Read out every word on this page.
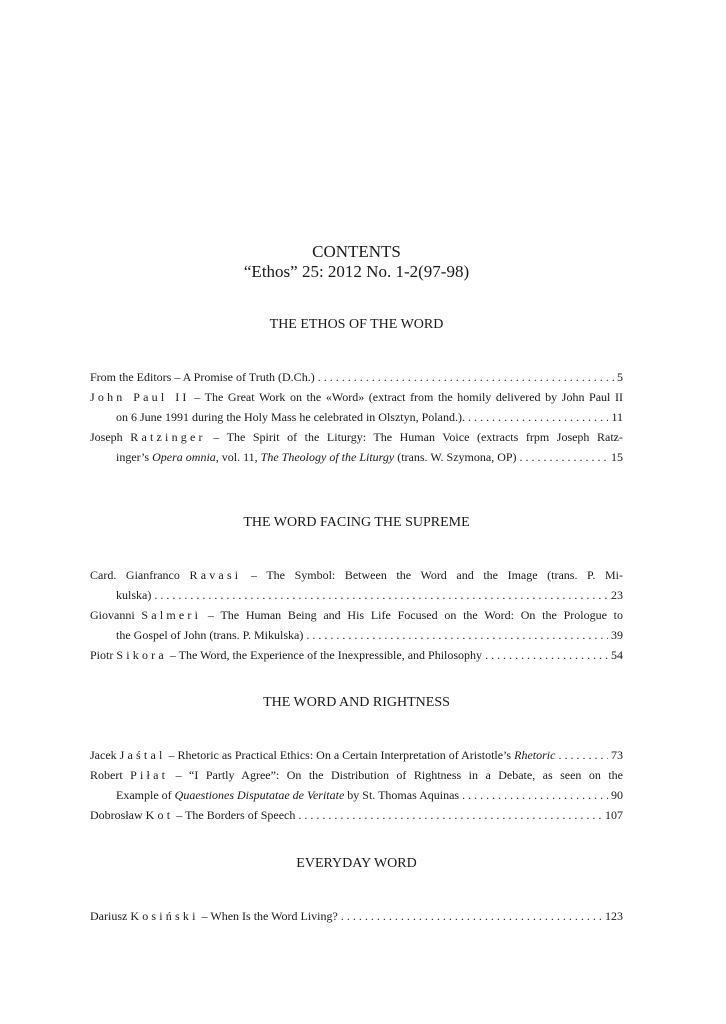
CONTENTS
“Ethos” 25: 2012 No. 1-2(97-98)
THE ETHOS OF THE WORD
From the Editors – A Promise of Truth (D.Ch.) . . .	5
John Paul II – The Great Work on the «Word» (extract from the homily delivered by John Paul II
on 6 June 1991 during the Holy Mass he celebrated in Olsztyn, Poland.). . . .	11
Joseph Ratzinger – The Spirit of the Liturgy: The Human Voice (extracts frpm Joseph Ratz-
inger’s Opera omnia, vol. 11, The Theology of the Liturgy (trans. W. Szymona, OP) . . .	15
THE WORD FACING THE SUPREME
Card. Gianfranco Ravasi – The Symbol: Between the Word and the Image (trans. P. Mi-
kulska) . . .	23
Giovanni Salmeri – The Human Being and His Life Focused on the Word: On the Prologue to
the Gospel of John (trans. P. Mikulska) . . .	39
Piotr Sikora – The Word, the Experience of the Inexpressible, and Philosophy . . .	54
THE WORD AND RIGHTNESS
Jacek Jaśtal – Rhetoric as Practical Ethics: On a Certain Interpretation of Aristotle’s Rhetoric . . .	73
Robert Piłat – “I Partly Agree”: On the Distribution of Rightness in a Debate, as seen on the
Example of Quaestiones Disputatae de Veritate by St. Thomas Aquinas . . .	90
Dobrosław Kot – The Borders of Speech . . .	107
EVERYDAY WORD
Dariusz Kosiński – When Is the Word Living? . . .	123
